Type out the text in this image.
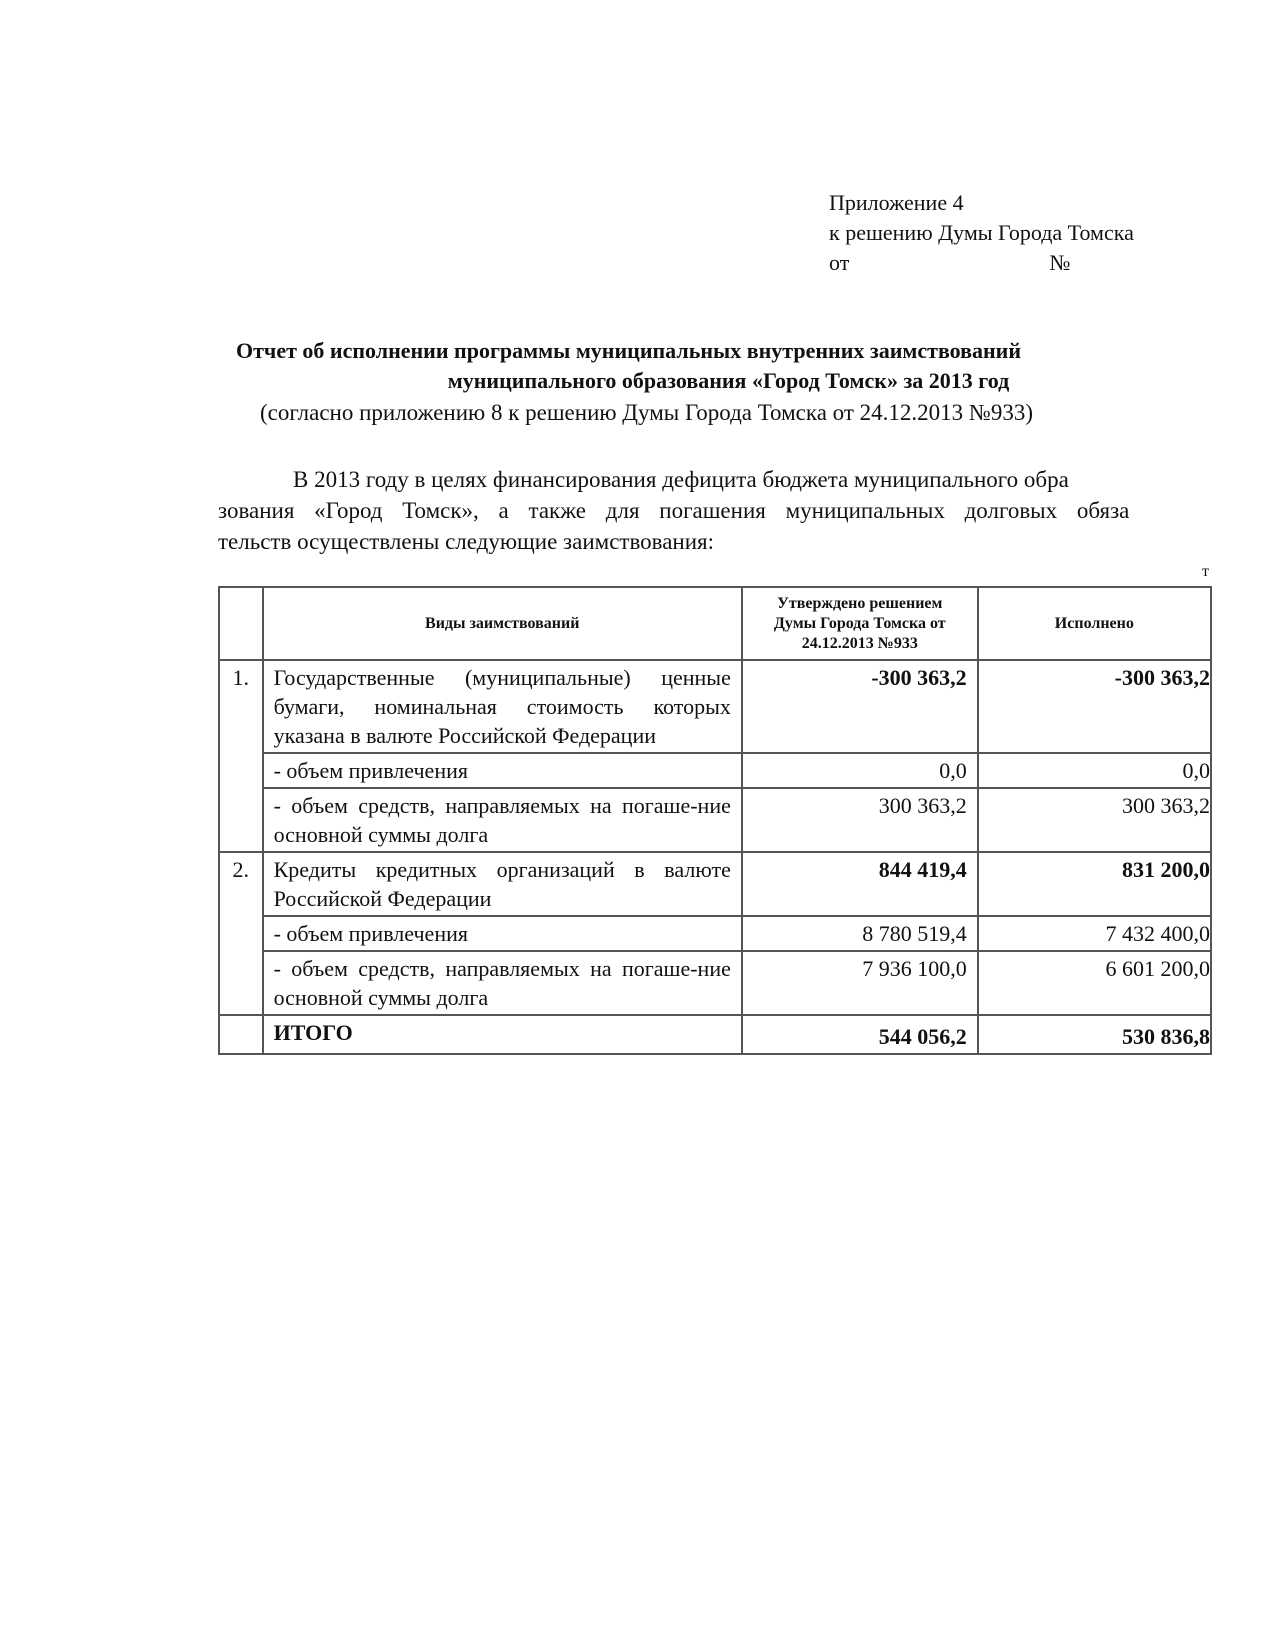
Приложение 4
к решению Думы Города Томска
от	№
Отчет об исполнении программы муниципальных внутренних заимствований
муниципального образования «Город Томск» за 2013 год
(согласно приложению 8 к решению Думы Города Томска от 24.12.2013 №933)
В 2013 году в целях финансирования дефицита бюджета муниципального обра
зования «Город Томск», а также для погашения муниципальных долговых обяза
тельств осуществлены следующие заимствования:
т
	Виды заимствований	Утверждено решением Думы Города Томска от 24.12.2013 №933	Исполнено
1.	Государственные (муниципальные) ценные бумаги, номинальная стоимость которых указана в валюте Российской Федерации	-300 363,2	-300 363,2
	- объем привлечения	0,0	0,0
	- объем средств, направляемых на погаше-ние основной суммы долга	300 363,2	300 363,2
2.	Кредиты кредитных организаций в валюте Российской Федерации	844 419,4	831 200,0
	- объем привлечения	8 780 519,4	7 432 400,0
	- объем средств, направляемых на погаше-ние основной суммы долга	7 936 100,0	6 601 200,0
	ИТОГО	544 056,2	530 836,8
